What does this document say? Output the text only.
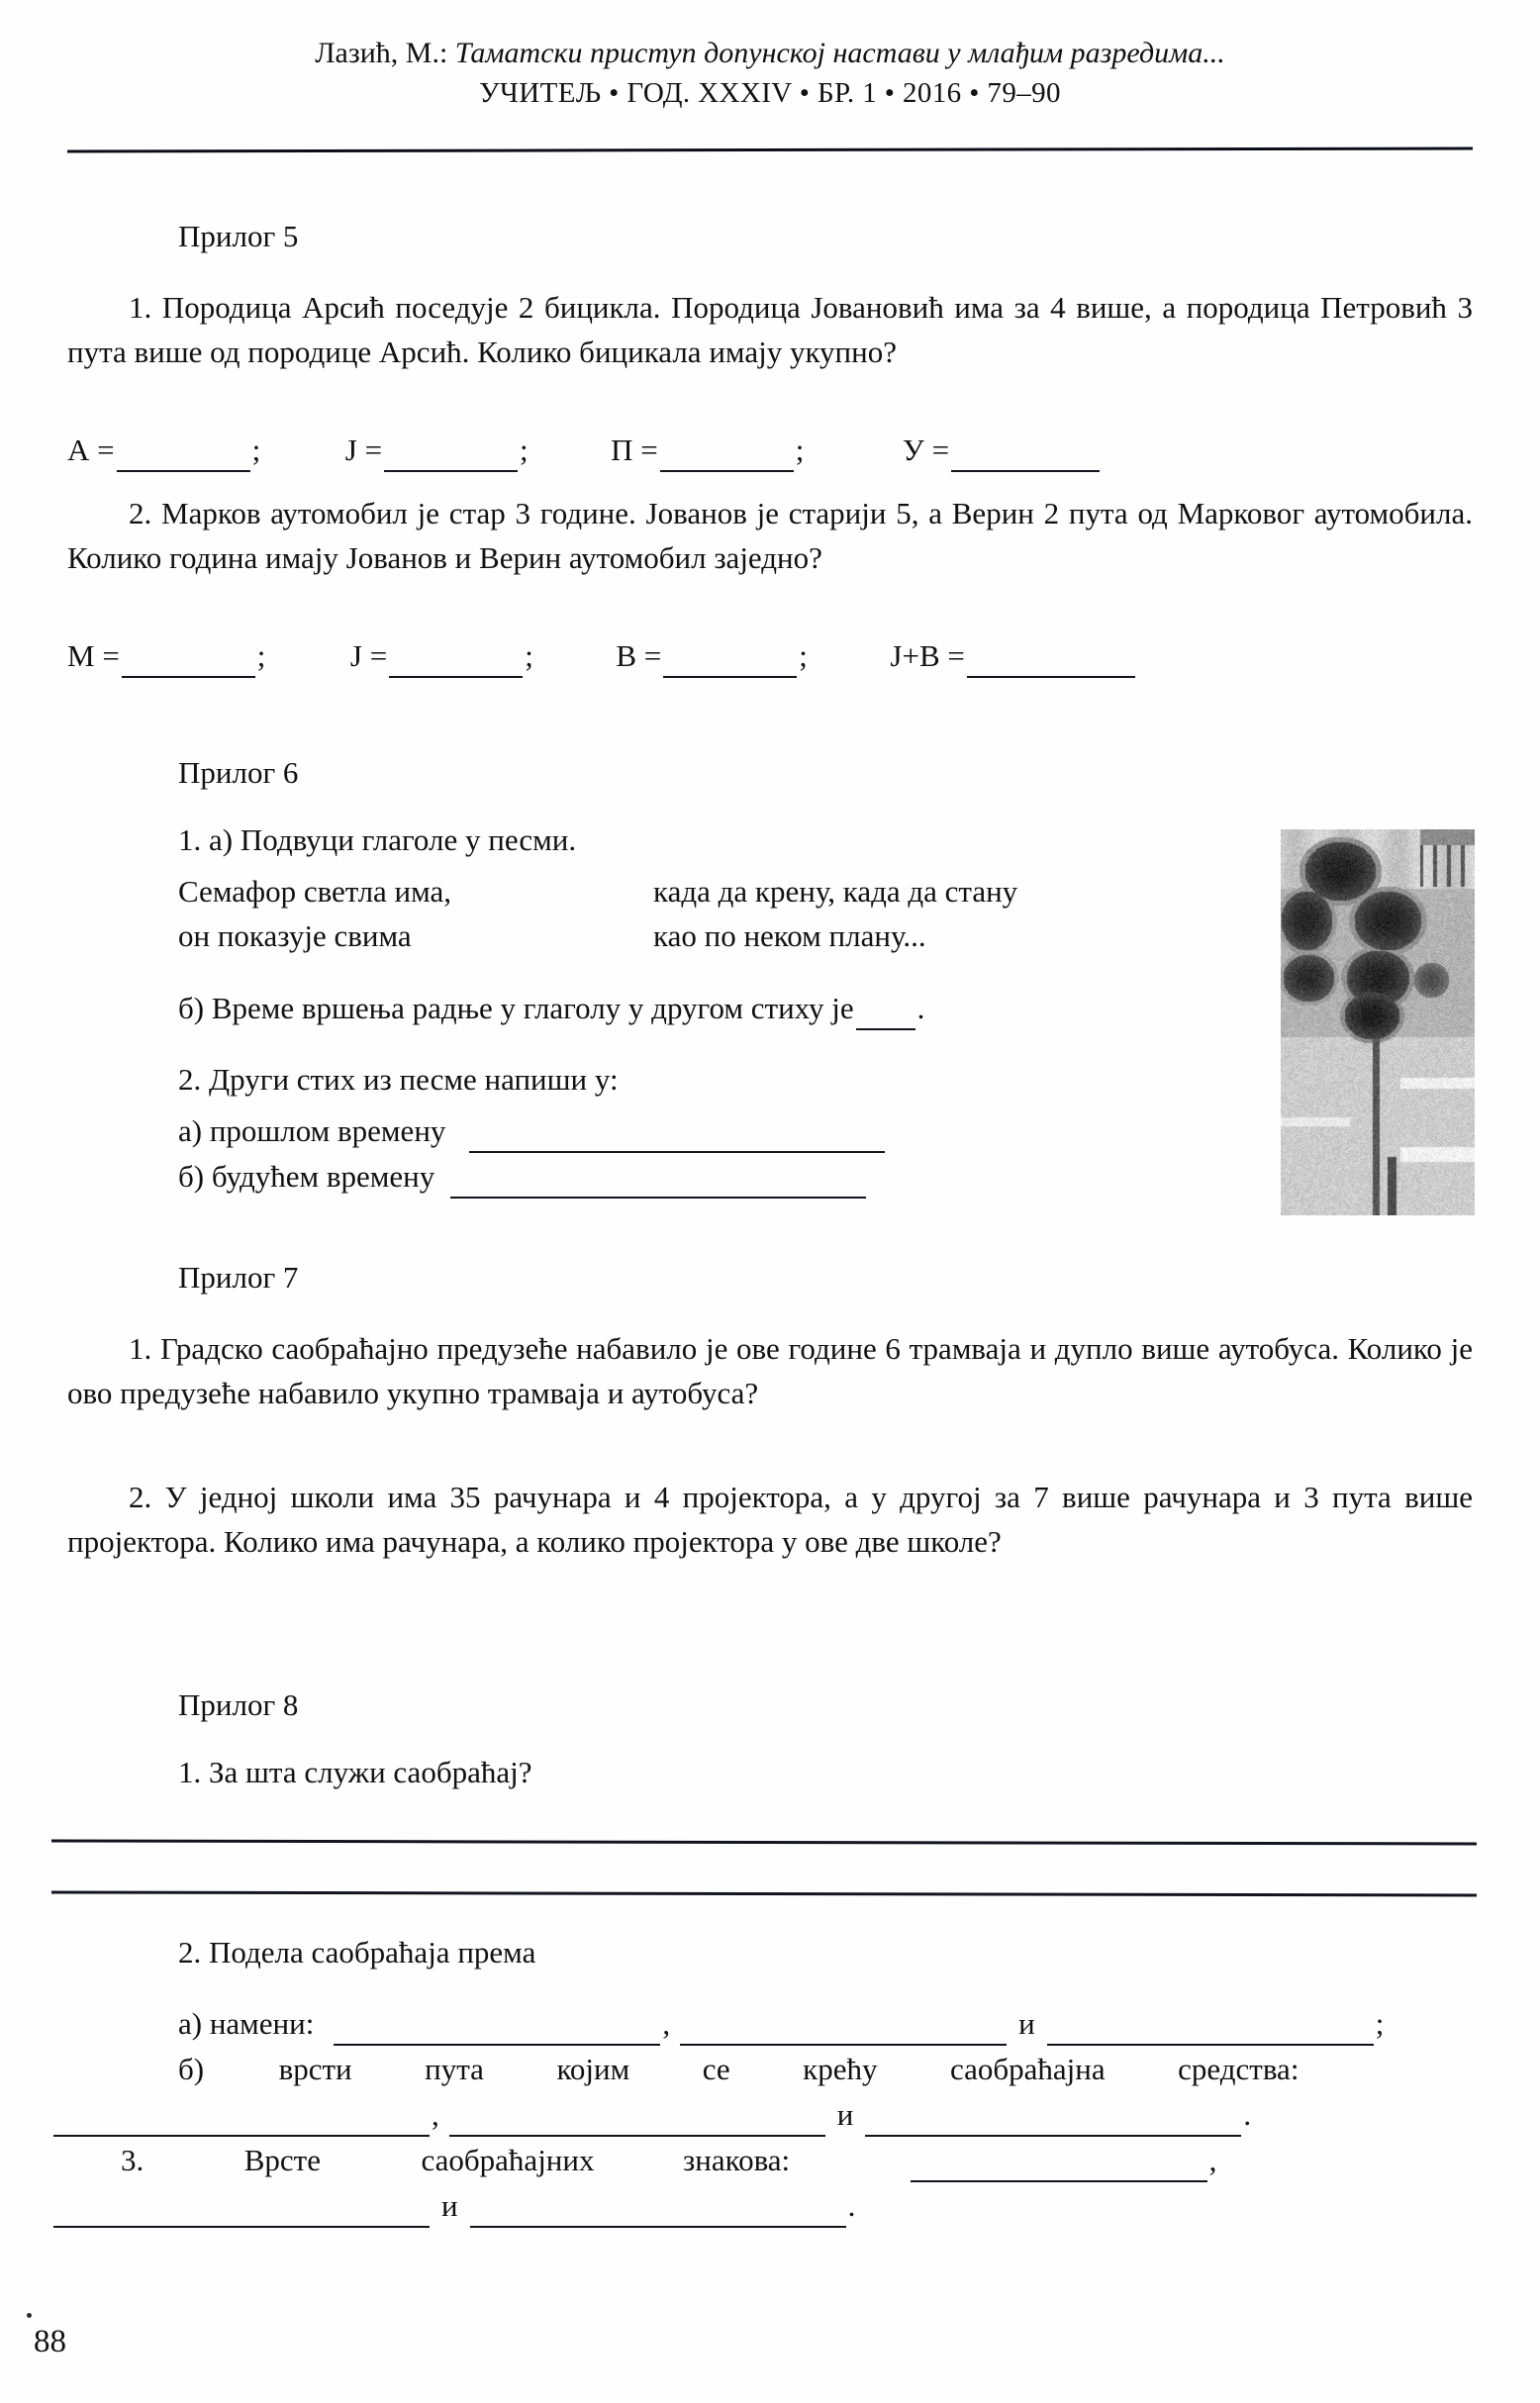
Лазић, М.: Таматски приступ допунској настави у млађим разредима...
УЧИТЕЉ • ГОД. XXXIV • БР. 1 • 2016 • 79–90
Прилог 5
1. Породица Арсић поседује 2 бицикла. Породица Јовановић има за 4 више, а породица Петровић 3 пута више од породице Арсић. Колико бицикала имају укупно?
А =	;	Ј =	;	П =	;	У =
2. Марков аутомобил је стар 3 године. Јованов је старији 5, а Верин 2 пута од Марковог аутомобила. Колико година имају Јованов и Верин аутомобил заједно?
М =	;	Ј =	;	В =	;	Ј+В =
Прилог 6
1. а) Подвуци глаголе у песми.
Семафор светла има,
он показује свима
када да крену, када да стану
као по неком плану...
б) Време вршења радње у глаголу у другом стиху је .
2. Други стих из песме напиши у:
а) прошлом времену
б) будућем времену
Прилог 7
1. Градско саобраћајно предузеће набавило је ове године 6 трамваја и дупло више аутобуса. Колико је ово предузеће набавило укупно трамваја и аутобуса?
2. У једној школи има 35 рачунара и 4 пројектора, а у другој за 7 више рачунара и 3 пута више пројектора. Колико има рачунара, а колико пројектора у ове две школе?
Прилог 8
1. За шта служи саобраћај?
2. Подела саобраћаја према
а) намени:	,	и	;
б) врсти пута којим се крећу саобраћајна средства:
,	и	.
3.	Врсте	саобраћајних	знакова:	,
и	.
88
